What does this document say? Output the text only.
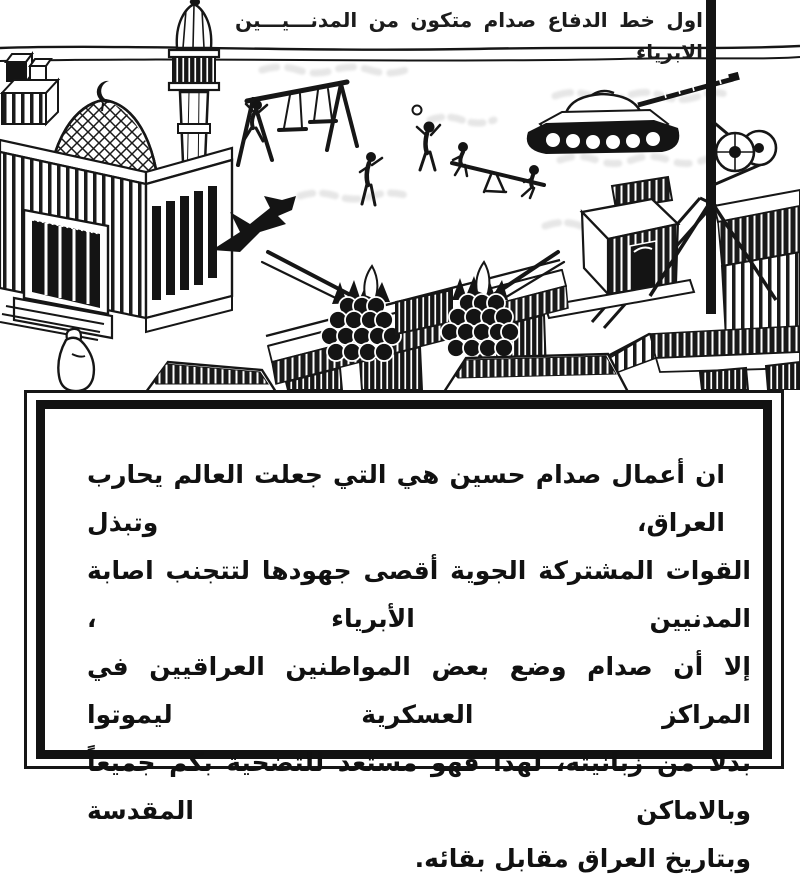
اول خط الدفاع صدام متكون من المدنـــيـــين الابرياء

ان أعمال صدام حسين هي التي جعلت العالم يحارب العراق، وتبذل

القوات المشتركة الجوية أقصى جهودها لتتجنب اصابة المدنيين الأبرياء ،

إلا أن صدام وضع بعض المواطنين العراقيين في المراكز العسكرية ليموتوا

بدلا من زبانيته، لهذا فهو مستعد للتضحية بكم جميعاً وبالاماكن المقدسة

وبتاريخ العراق مقابل بقائه.
